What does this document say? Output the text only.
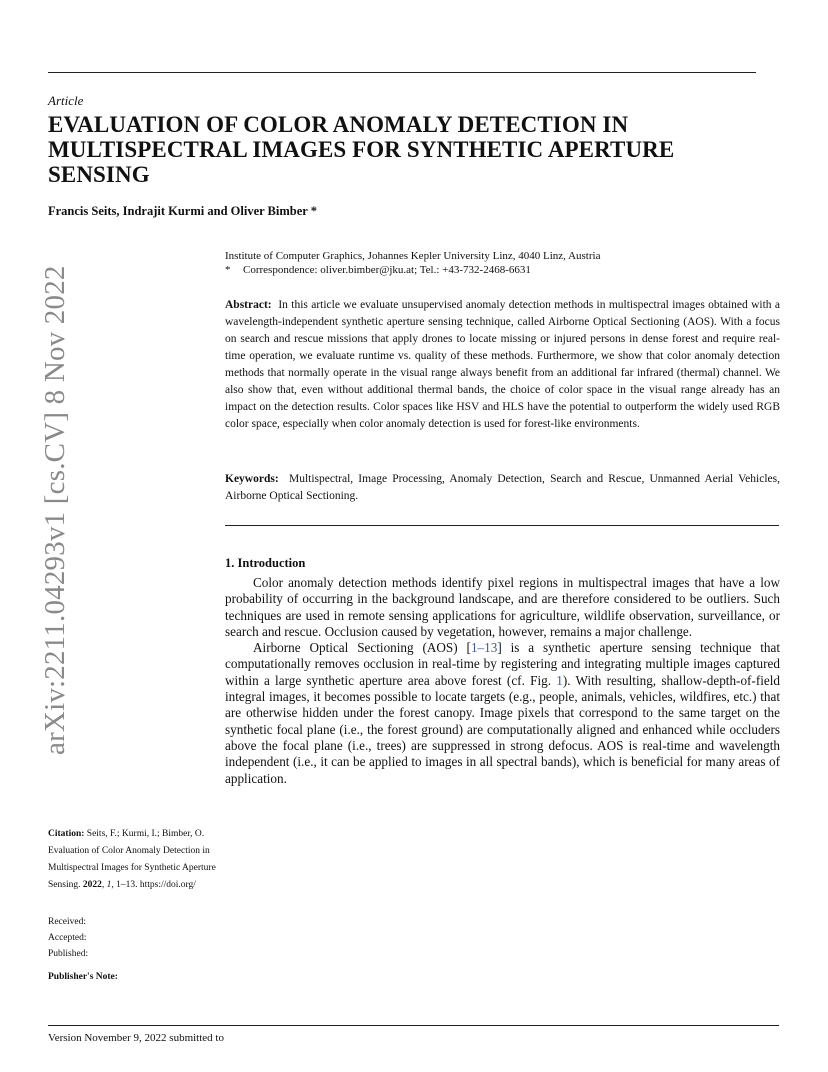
arXiv:2211.04293v1 [cs.CV] 8 Nov 2022
Article
EVALUATION OF COLOR ANOMALY DETECTION IN MULTISPECTRAL IMAGES FOR SYNTHETIC APERTURE SENSING
Francis Seits, Indrajit Kurmi and Oliver Bimber *
Institute of Computer Graphics, Johannes Kepler University Linz, 4040 Linz, Austria
* Correspondence: oliver.bimber@jku.at; Tel.: +43-732-2468-6631

Abstract: In this article we evaluate unsupervised anomaly detection methods in multispectral images obtained with a wavelength-independent synthetic aperture sensing technique, called Airborne Optical Sectioning (AOS). With a focus on search and rescue missions that apply drones to locate missing or injured persons in dense forest and require real-time operation, we evaluate runtime vs. quality of these methods. Furthermore, we show that color anomaly detection methods that normally operate in the visual range always benefit from an additional far infrared (thermal) channel. We also show that, even without additional thermal bands, the choice of color space in the visual range already has an impact on the detection results. Color spaces like HSV and HLS have the potential to outperform the widely used RGB color space, especially when color anomaly detection is used for forest-like environments.

Keywords: Multispectral, Image Processing, Anomaly Detection, Search and Rescue, Unmanned Aerial Vehicles, Airborne Optical Sectioning.

1. Introduction

Color anomaly detection methods identify pixel regions in multispectral images that have a low probability of occurring in the background landscape, and are therefore considered to be outliers. Such techniques are used in remote sensing applications for agriculture, wildlife observation, surveillance, or search and rescue. Occlusion caused by vegetation, however, remains a major challenge.

Airborne Optical Sectioning (AOS) [1–13] is a synthetic aperture sensing technique that computationally removes occlusion in real-time by registering and integrating multiple images captured within a large synthetic aperture area above forest (cf. Fig. 1). With resulting, shallow-depth-of-field integral images, it becomes possible to locate targets (e.g., people, animals, vehicles, wildfires, etc.) that are otherwise hidden under the forest canopy. Image pixels that correspond to the same target on the synthetic focal plane (i.e., the forest ground) are computationally aligned and enhanced while occluders above the focal plane (i.e., trees) are suppressed in strong defocus. AOS is real-time and wavelength independent (i.e., it can be applied to images in all spectral bands), which is beneficial for many areas of application.

Citation: Seits, F.; Kurmi, I.; Bimber, O. Evaluation of Color Anomaly Detection in Multispectral Images for Synthetic Aperture Sensing. 2022, 1, 1–13. https://doi.org/
Received:
Accepted:
Published:
Publisher's Note:
Version November 9, 2022 submitted to
